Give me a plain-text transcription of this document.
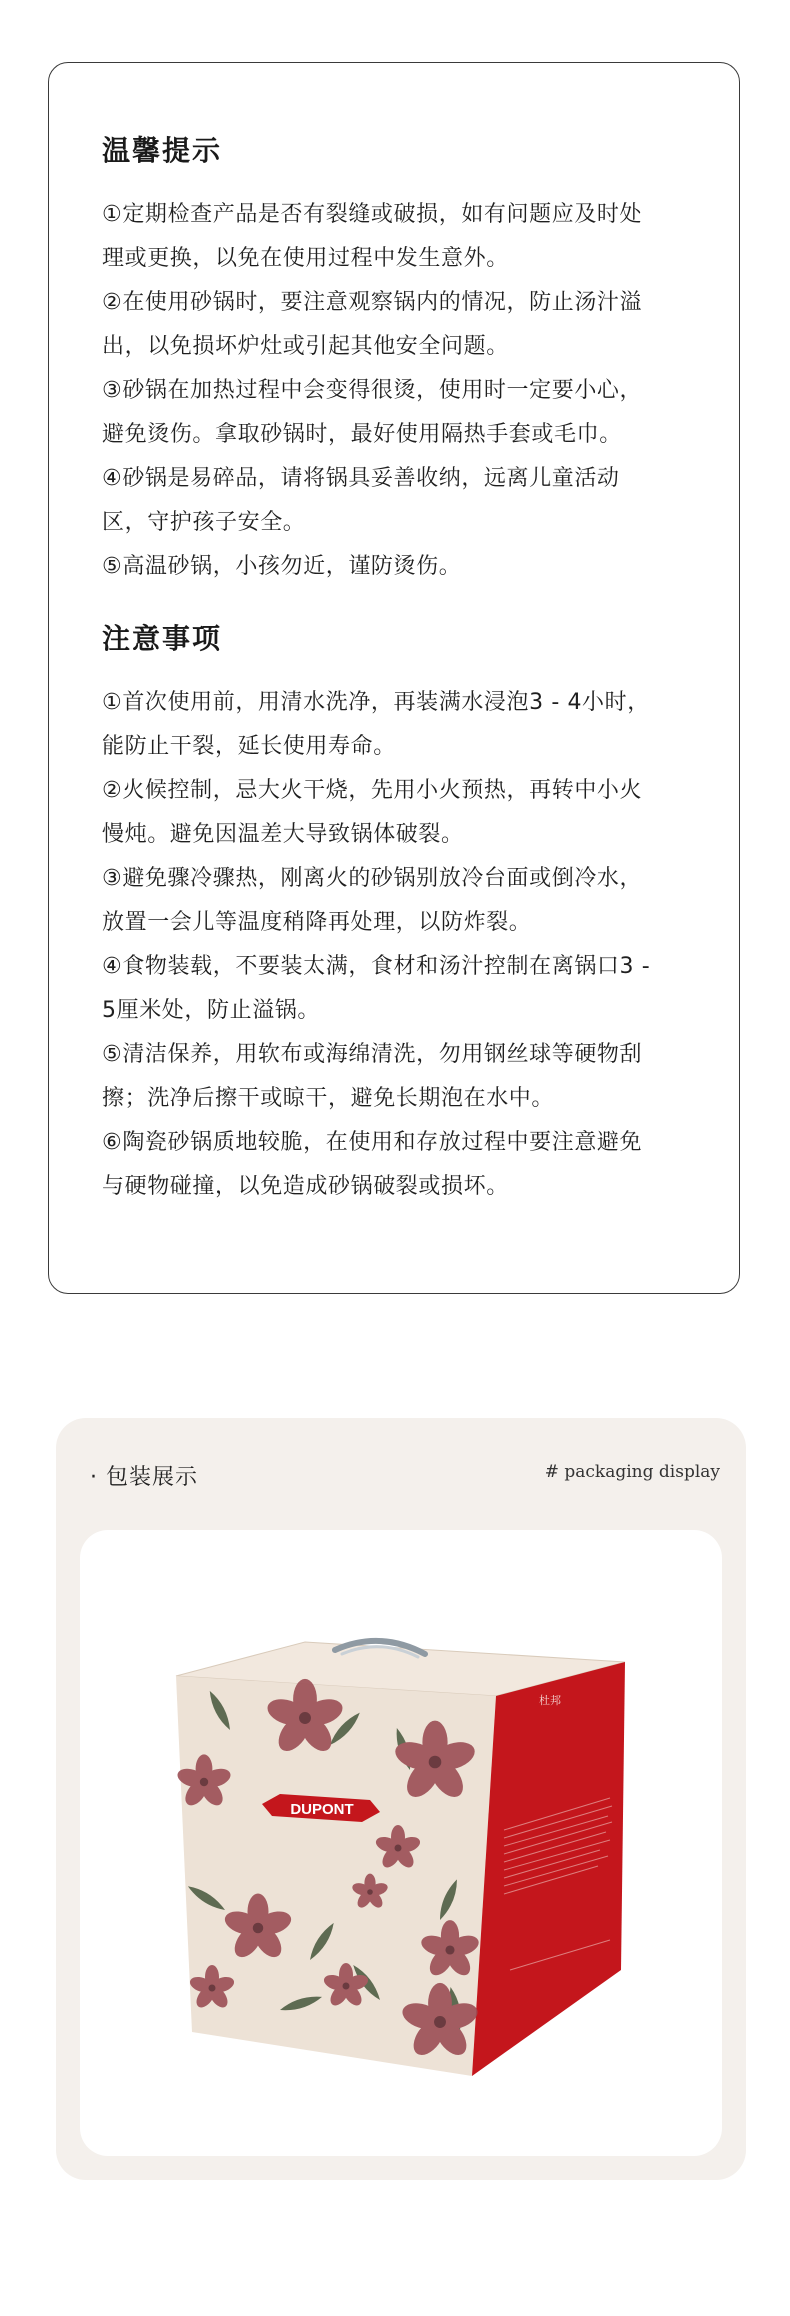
温馨提示
①定期检查产品是否有裂缝或破损，如有问题应及时处
理或更换，以免在使用过程中发生意外。
②在使用砂锅时，要注意观察锅内的情况，防止汤汁溢
出，以免损坏炉灶或引起其他安全问题。
③砂锅在加热过程中会变得很烫，使用时一定要小心，
避免烫伤。拿取砂锅时，最好使用隔热手套或毛巾。
④砂锅是易碎品，请将锅具妥善收纳，远离儿童活动
区，守护孩子安全。
⑤高温砂锅，小孩勿近，谨防烫伤。
注意事项
①首次使用前，用清水洗净，再装满水浸泡3 - 4小时，
能防止干裂，延长使用寿命。
②火候控制，忌大火干烧，先用小火预热，再转中小火
慢炖。避免因温差大导致锅体破裂。
③避免骤冷骤热，刚离火的砂锅别放冷台面或倒冷水，
放置一会儿等温度稍降再处理，以防炸裂。
④食物装载，不要装太满，食材和汤汁控制在离锅口3 -
5厘米处，防止溢锅。
⑤清洁保养，用软布或海绵清洗，勿用钢丝球等硬物刮
擦；洗净后擦干或晾干，避免长期泡在水中。
⑥陶瓷砂锅质地较脆，在使用和存放过程中要注意避免
与硬物碰撞，以免造成砂锅破裂或损坏。
· 包装展示	# packaging display
DUPONT
杜邦
